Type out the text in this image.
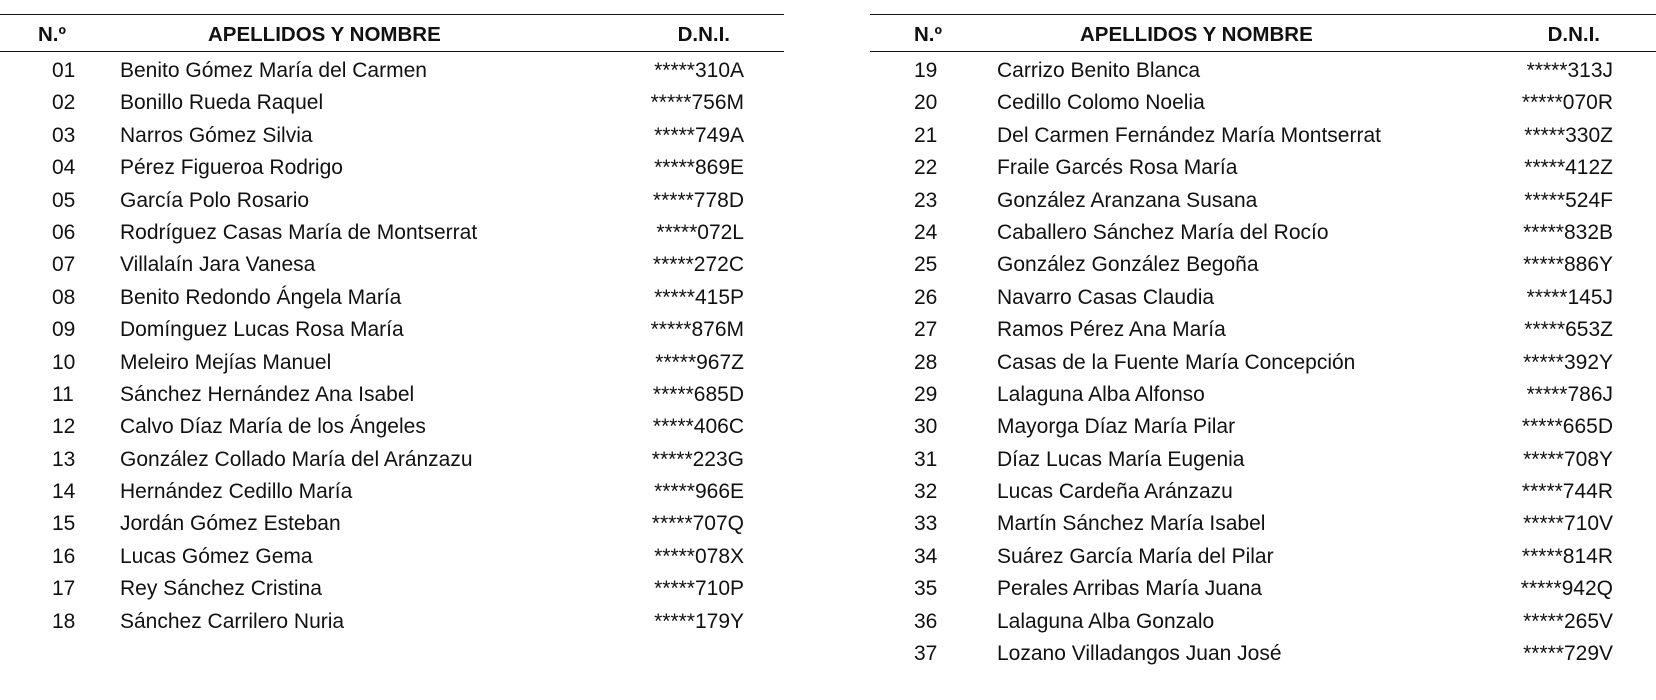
N.º	APELLIDOS Y NOMBRE	D.N.I.
01	Benito Gómez María del Carmen	*****310A
02	Bonillo Rueda Raquel	*****756M
03	Narros Gómez Silvia	*****749A
04	Pérez Figueroa Rodrigo	*****869E
05	García Polo Rosario	*****778D
06	Rodríguez Casas María de Montserrat	*****072L
07	Villalaín Jara Vanesa	*****272C
08	Benito Redondo Ángela María	*****415P
09	Domínguez Lucas Rosa María	*****876M
10	Meleiro Mejías Manuel	*****967Z
11	Sánchez Hernández Ana Isabel	*****685D
12	Calvo Díaz María de los Ángeles	*****406C
13	González Collado María del Aránzazu	*****223G
14	Hernández Cedillo María	*****966E
15	Jordán Gómez Esteban	*****707Q
16	Lucas Gómez Gema	*****078X
17	Rey Sánchez Cristina	*****710P
18	Sánchez Carrilero Nuria	*****179Y
N.º	APELLIDOS Y NOMBRE	D.N.I.
19	Carrizo Benito Blanca	*****313J
20	Cedillo Colomo Noelia	*****070R
21	Del Carmen Fernández María Montserrat	*****330Z
22	Fraile Garcés Rosa María	*****412Z
23	González Aranzana Susana	*****524F
24	Caballero Sánchez María del Rocío	*****832B
25	González González Begoña	*****886Y
26	Navarro Casas Claudia	*****145J
27	Ramos Pérez Ana María	*****653Z
28	Casas de la Fuente María Concepción	*****392Y
29	Lalaguna Alba Alfonso	*****786J
30	Mayorga Díaz María Pilar	*****665D
31	Díaz Lucas María Eugenia	*****708Y
32	Lucas Cardeña Aránzazu	*****744R
33	Martín Sánchez María Isabel	*****710V
34	Suárez García María del Pilar	*****814R
35	Perales Arribas María Juana	*****942Q
36	Lalaguna Alba Gonzalo	*****265V
37	Lozano Villadangos Juan José	*****729V
